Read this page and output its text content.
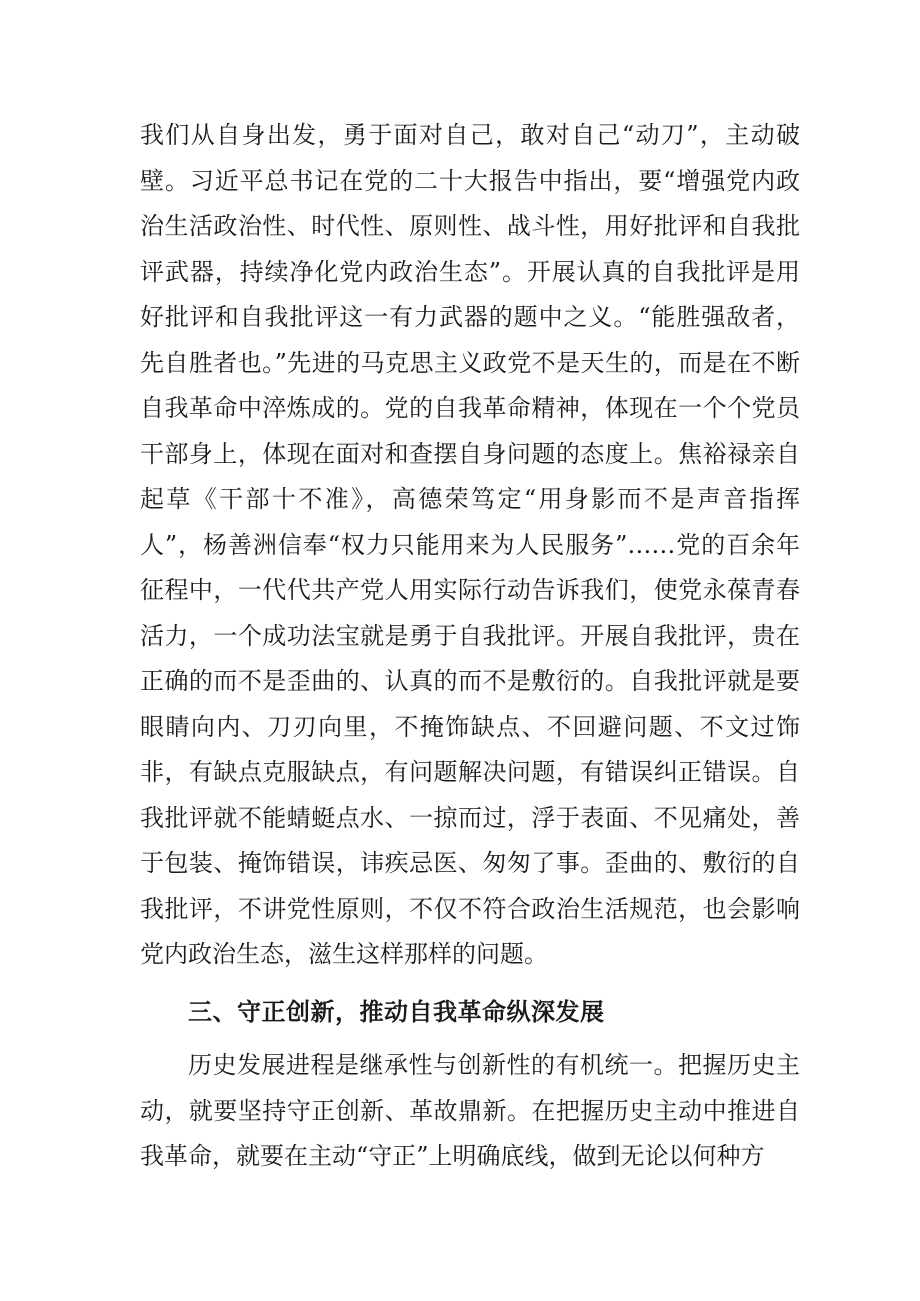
我们从自身出发，勇于面对自己，敢对自己“动刀”，主动破壁。习近平总书记在党的二十大报告中指出，要“增强党内政治生活政治性、时代性、原则性、战斗性，用好批评和自我批评武器，持续净化党内政治生态”。开展认真的自我批评是用好批评和自我批评这一有力武器的题中之义。“能胜强敌者，先自胜者也。”先进的马克思主义政党不是天生的，而是在不断自我革命中淬炼成的。党的自我革命精神，体现在一个个党员干部身上，体现在面对和查摆自身问题的态度上。焦裕禄亲自起草《干部十不准》，高德荣笃定“用身影而不是声音指挥人”，杨善洲信奉“权力只能用来为人民服务”……党的百余年征程中，一代代共产党人用实际行动告诉我们，使党永葆青春活力，一个成功法宝就是勇于自我批评。开展自我批评，贵在正确的而不是歪曲的、认真的而不是敷衍的。自我批评就是要眼睛向内、刀刃向里，不掩饰缺点、不回避问题、不文过饰非，有缺点克服缺点，有问题解决问题，有错误纠正错误。自我批评就不能蜻蜓点水、一掠而过，浮于表面、不见痛处，善于包装、掩饰错误，讳疾忌医、匆匆了事。歪曲的、敷衍的自我批评，不讲党性原则，不仅不符合政治生活规范，也会影响党内政治生态，滋生这样那样的问题。

三、守正创新，推动自我革命纵深发展

历史发展进程是继承性与创新性的有机统一。把握历史主动，就要坚持守正创新、革故鼎新。在把握历史主动中推进自我革命，就要在主动“守正”上明确底线，做到无论以何种方
